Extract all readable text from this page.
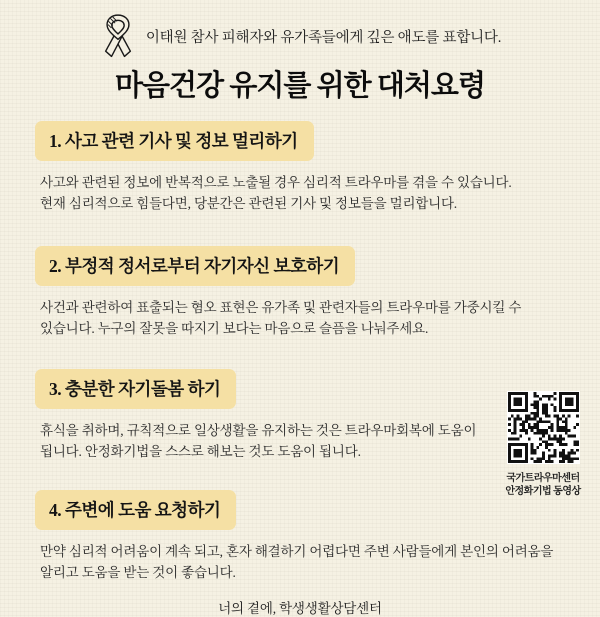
이태원 참사 피해자와 유가족들에게 깊은 애도를 표합니다.
마음건강 유지를 위한 대처요령
1. 사고 관련 기사 및 정보 멀리하기
사고와 관련된 정보에 반복적으로 노출될 경우 심리적 트라우마를 겪을 수 있습니다.
현재 심리적으로 힘들다면, 당분간은 관련된 기사 및 정보들을 멀리합니다.
2. 부정적 정서로부터 자기자신 보호하기
사건과 관련하여 표출되는 혐오 표현은 유가족 및 관련자들의 트라우마를 가중시킬 수
있습니다. 누구의 잘못을 따지기 보다는 마음으로 슬픔을 나눠주세요.
3. 충분한 자기돌봄 하기
휴식을 취하며, 규칙적으로 일상생활을 유지하는 것은 트라우마회복에 도움이
됩니다. 안정화기법을 스스로 해보는 것도 도움이 됩니다.
국가트라우마센터
안정화기법 동영상
4. 주변에 도움 요청하기
만약 심리적 어려움이 계속 되고, 혼자 해결하기 어렵다면 주변 사람들에게 본인의 어려움을
알리고 도움을 받는 것이 좋습니다.
너의 곁에, 학생생활상담센터
